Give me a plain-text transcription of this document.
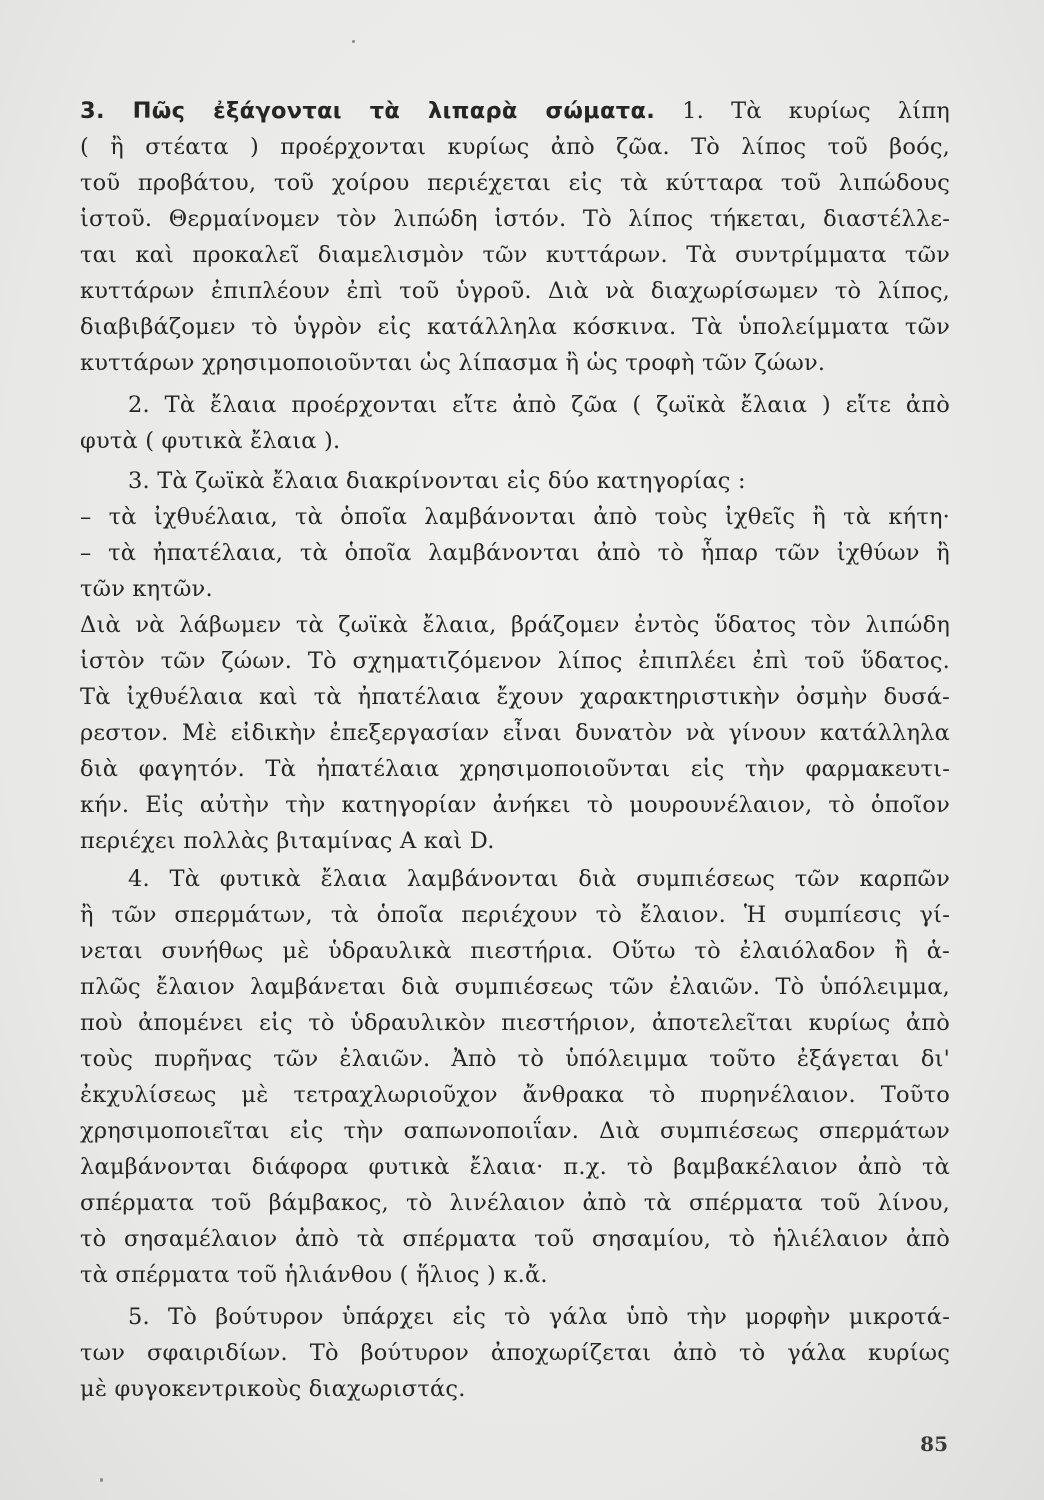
3. Πῶς ἐξάγονται τὰ λιπαρὰ σώματα. 1. Τὰ κυρίως λίπη
( ἢ στέατα ) προέρχονται κυρίως ἀπὸ ζῶα. Τὸ λίπος τοῦ βοός,
τοῦ προβάτου, τοῦ χοίρου περιέχεται εἰς τὰ κύτταρα τοῦ λιπώδους
ἱστοῦ. Θερμαίνομεν τὸν λιπώδη ἱστόν. Τὸ λίπος τήκεται, διαστέλλε-
ται καὶ προκαλεῖ διαμελισμὸν τῶν κυττάρων. Τὰ συντρίμματα τῶν
κυττάρων ἐπιπλέουν ἐπὶ τοῦ ὑγροῦ. Διὰ νὰ διαχωρίσωμεν τὸ λίπος,
διαβιβάζομεν τὸ ὑγρὸν εἰς κατάλληλα κόσκινα. Τὰ ὑπολείμματα τῶν
κυττάρων χρησιμοποιοῦνται ὡς λίπασμα ἢ ὡς τροφὴ τῶν ζώων.
2. Τὰ ἔλαια προέρχονται εἴτε ἀπὸ ζῶα ( ζωϊκὰ ἔλαια ) εἴτε ἀπὸ
φυτὰ ( φυτικὰ ἔλαια ).
3. Τὰ ζωϊκὰ ἔλαια διακρίνονται εἰς δύο κατηγορίας :
– τὰ ἰχθυέλαια, τὰ ὁποῖα λαμβάνονται ἀπὸ τοὺς ἰχθεῖς ἢ τὰ κήτη·
– τὰ ἠπατέλαια, τὰ ὁποῖα λαμβάνονται ἀπὸ τὸ ἧπαρ τῶν ἰχθύων ἢ
τῶν κητῶν.
Διὰ νὰ λάβωμεν τὰ ζωϊκὰ ἔλαια, βράζομεν ἐντὸς ὕδατος τὸν λιπώδη
ἱστὸν τῶν ζώων. Τὸ σχηματιζόμενον λίπος ἐπιπλέει ἐπὶ τοῦ ὕδατος.
Τὰ ἰχθυέλαια καὶ τὰ ἠπατέλαια ἔχουν χαρακτηριστικὴν ὀσμὴν δυσά-
ρεστον. Μὲ εἰδικὴν ἐπεξεργασίαν εἶναι δυνατὸν νὰ γίνουν κατάλληλα
διὰ φαγητόν. Τὰ ἠπατέλαια χρησιμοποιοῦνται εἰς τὴν φαρμακευτι-
κήν. Εἰς αὐτὴν τὴν κατηγορίαν ἀνήκει τὸ μουρουνέλαιον, τὸ ὁποῖον
περιέχει πολλὰς βιταμίνας A καὶ D.
4. Τὰ φυτικὰ ἔλαια λαμβάνονται διὰ συμπιέσεως τῶν καρπῶν
ἢ τῶν σπερμάτων, τὰ ὁποῖα περιέχουν τὸ ἔλαιον. Ἡ συμπίεσις γί-
νεται συνήθως μὲ ὑδραυλικὰ πιεστήρια. Οὕτω τὸ ἐλαιόλαδον ἢ ἁ-
πλῶς ἔλαιον λαμβάνεται διὰ συμπιέσεως τῶν ἐλαιῶν. Τὸ ὑπόλειμμα,
ποὺ ἀπομένει εἰς τὸ ὑδραυλικὸν πιεστήριον, ἀποτελεῖται κυρίως ἀπὸ
τοὺς πυρῆνας τῶν ἐλαιῶν. Ἀπὸ τὸ ὑπόλειμμα τοῦτο ἐξάγεται δι'
ἐκχυλίσεως μὲ τετραχλωριοῦχον ἄνθρακα τὸ πυρηνέλαιον. Τοῦτο
χρησιμοποιεῖται εἰς τὴν σαπωνοποιΐαν. Διὰ συμπιέσεως σπερμάτων
λαμβάνονται διάφορα φυτικὰ ἔλαια· π.χ. τὸ βαμβακέλαιον ἀπὸ τὰ
σπέρματα τοῦ βάμβακος, τὸ λινέλαιον ἀπὸ τὰ σπέρματα τοῦ λίνου,
τὸ σησαμέλαιον ἀπὸ τὰ σπέρματα τοῦ σησαμίου, τὸ ἡλιέλαιον ἀπὸ
τὰ σπέρματα τοῦ ἡλιάνθου ( ἥλιος ) κ.ἄ.
5. Τὸ βούτυρον ὑπάρχει εἰς τὸ γάλα ὑπὸ τὴν μορφὴν μικροτά-
των σφαιριδίων. Τὸ βούτυρον ἀποχωρίζεται ἀπὸ τὸ γάλα κυρίως
μὲ φυγοκεντρικοὺς διαχωριστάς.
85
